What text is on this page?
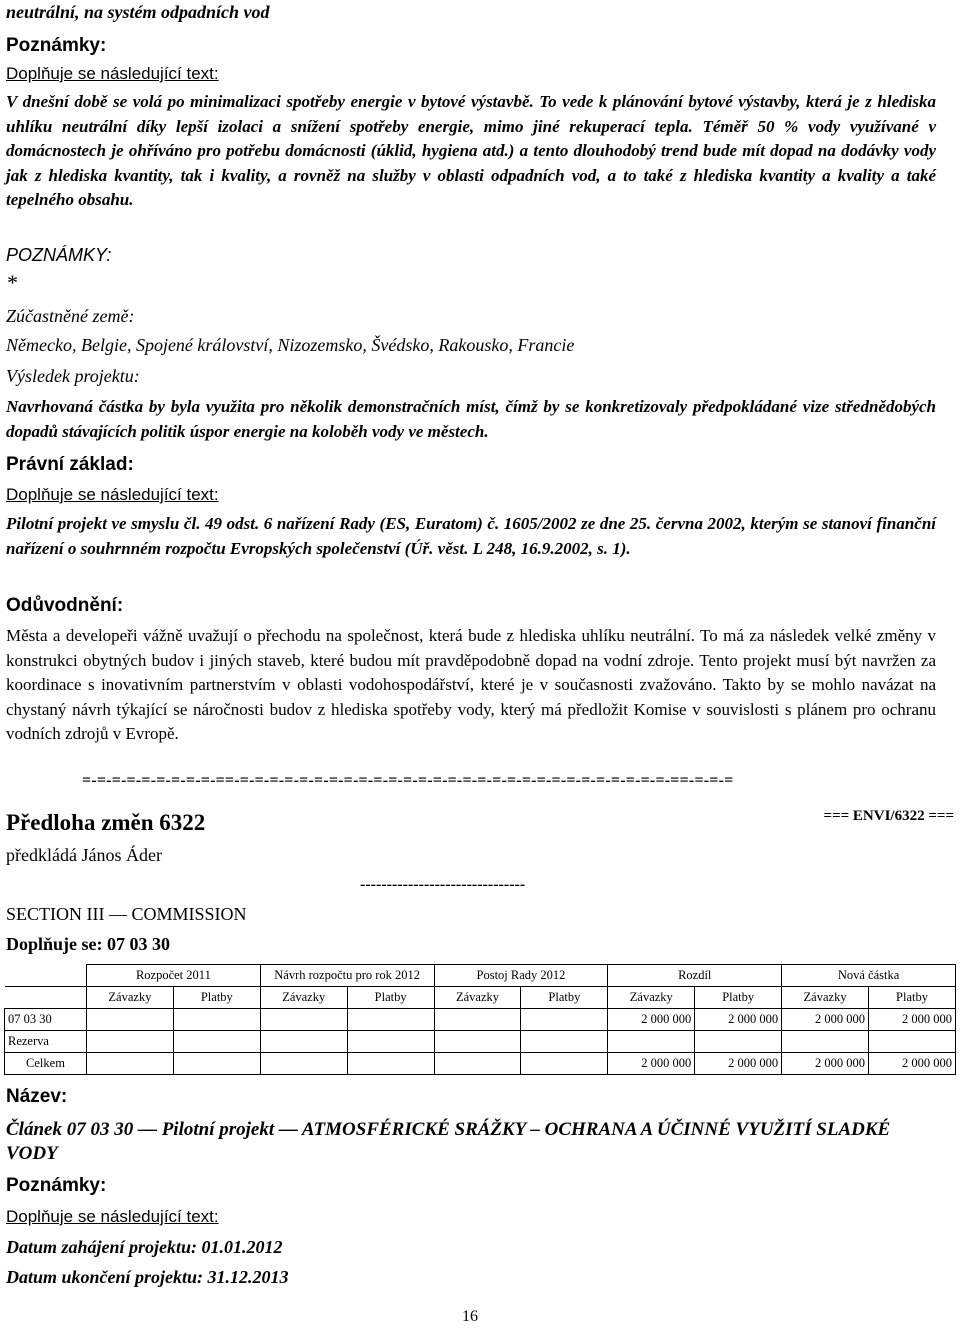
neutrální, na systém odpadních vod

Poznámky:

Doplňuje se následující text:

V dnešní době se volá po minimalizaci spotřeby energie v bytové výstavbě. To vede k plánování bytové výstavby, která je z hlediska uhlíku neutrální díky lepší izolaci a snížení spotřeby energie, mimo jiné rekuperací tepla. Téměř 50 % vody využívané v domácnostech je ohříváno pro potřebu domácnosti (úklid, hygiena atd.) a tento dlouhodobý trend bude mít dopad na dodávky vody jak z hlediska kvantity, tak i kvality, a rovněž na služby v oblasti odpadních vod, a to také z hlediska kvantity a kvality a také tepelného obsahu.

POZNÁMKY:

*

Zúčastněné země:

Německo, Belgie, Spojené království, Nizozemsko, Švédsko, Rakousko, Francie

Výsledek projektu:

Navrhovaná částka by byla využita pro několik demonstračních míst, čímž by se konkretizovaly předpokládané vize střednědobých dopadů stávajících politik úspor energie na koloběh vody ve městech.

Právní základ:

Doplňuje se následující text:

Pilotní projekt ve smyslu čl. 49 odst. 6 nařízení Rady (ES, Euratom) č. 1605/2002 ze dne 25. června 2002, kterým se stanoví finanční nařízení o souhrnném rozpočtu Evropských společenství (Úř. věst. L 248, 16.9.2002, s. 1).

Odůvodnění:

Města a developeři vážně uvažují o přechodu na společnost, která bude z hlediska uhlíku neutrální. To má za následek velké změny v konstrukci obytných budov i jiných staveb, které budou mít pravděpodobně dopad na vodní zdroje. Tento projekt musí být navržen za koordinace s inovativním partnerstvím v oblasti vodohospodářství, které je v současnosti zvažováno. Takto by se mohlo navázat na chystaný návrh týkající se náročnosti budov z hlediska spotřeby vody, který má předložit Komise v souvislosti s plánem pro ochranu vodních zdrojů v Evropě.

=-=-=-=-=-=-=-=-=-==-=-=-=-=-=-=-=-=-=-=-=-=-=-=-=-=-=-=-=-=-=-=-=-=-=-=-=-=-=-==-=-=-=

Předloha změn 6322	=== ENVI/6322 ===

předkládá János Áder

-------------------------------

SECTION III — COMMISSION

Doplňuje se: 07 03 30

	Rozpočet 2011		Návrh rozpočtu pro rok 2012		Postoj Rady 2012		Rozdíl		Nová částka	
	Závazky	Platby	Závazky	Platby	Závazky	Platby	Závazky	Platby	Závazky	Platby
07 03 30							2 000 000	2 000 000	2 000 000	2 000 000
Rezerva										
Celkem							2 000 000	2 000 000	2 000 000	2 000 000

Název:

Článek 07 03 30 — Pilotní projekt — ATMOSFÉRICKÉ SRÁŽKY – OCHRANA A ÚČINNÉ VYUŽITÍ SLADKÉ VODY

Poznámky:

Doplňuje se následující text:

Datum zahájení projektu: 01.01.2012

Datum ukončení projektu: 31.12.2013

16
